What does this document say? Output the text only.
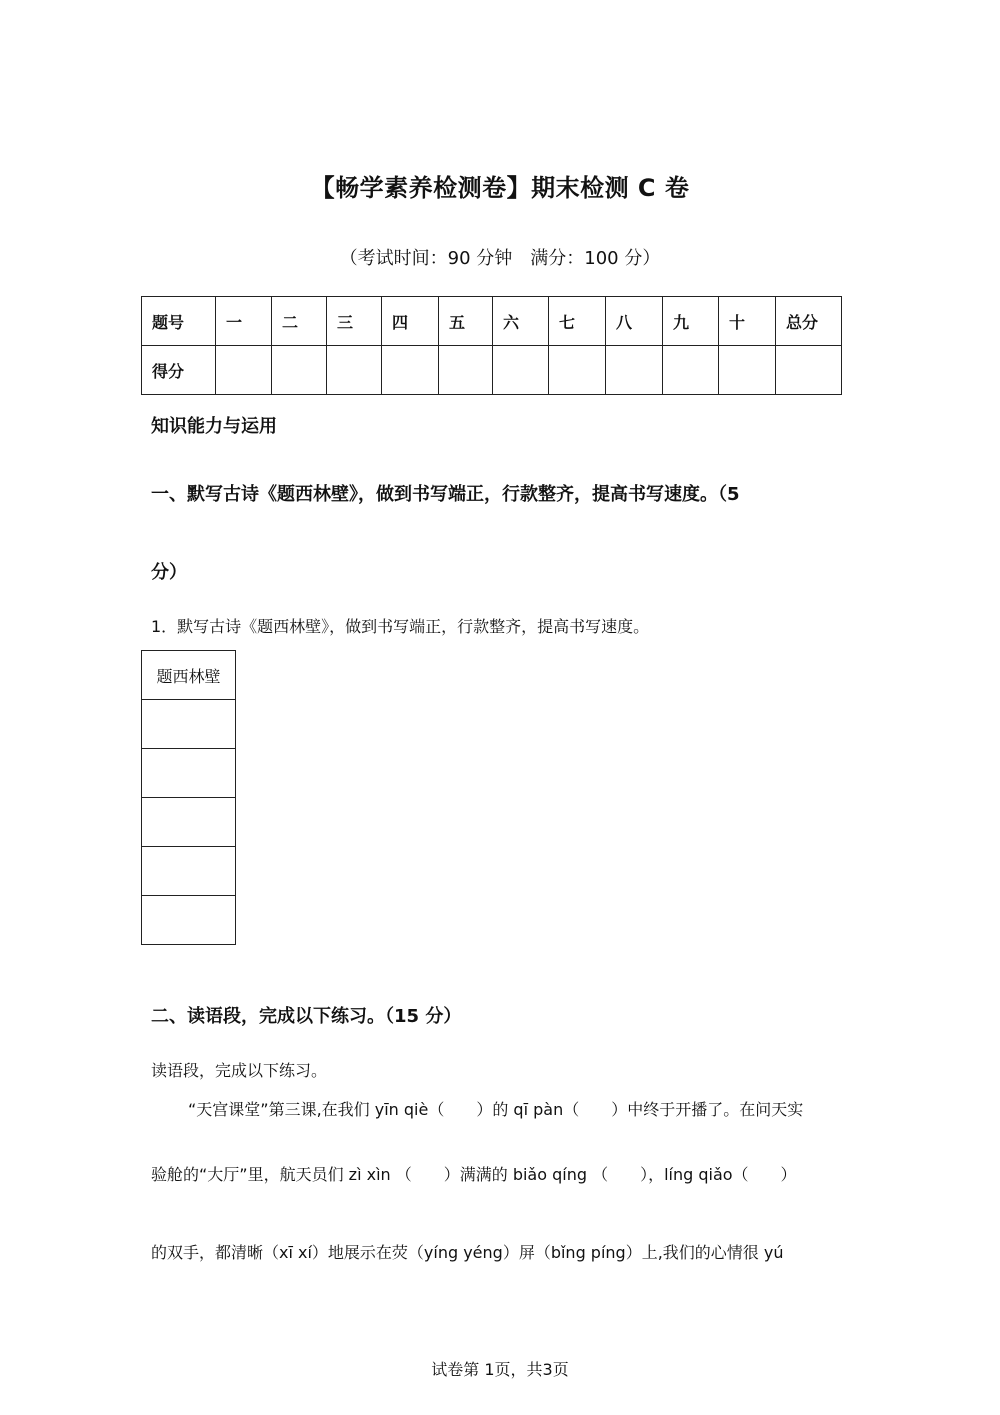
【畅学素养检测卷】期末检测 C 卷
（考试时间：90 分钟　满分：100 分）
题号	一	二	三	四	五	六	七	八	九	十	总分
得分											
知识能力与运用
一、默写古诗《题西林壁》，做到书写端正，行款整齐，提高书写速度。（5
分）
1．默写古诗《题西林壁》，做到书写端正，行款整齐，提高书写速度。
题西林壁

二、读语段，完成以下练习。（15 分）
读语段，完成以下练习。
“天宫课堂”第三课,在我们 yīn qiè（　　）的 qī pàn（　　）中终于开播了。在问天实
验舱的“大厅”里，航天员们 zì xìn （　　）满满的 biǎo qíng （　　），líng qiǎo（　　）
的双手，都清晰（xī xí）地展示在荧（yíng yéng）屏（bǐng píng）上,我们的心情很 yú
试卷第 1页，共3页
